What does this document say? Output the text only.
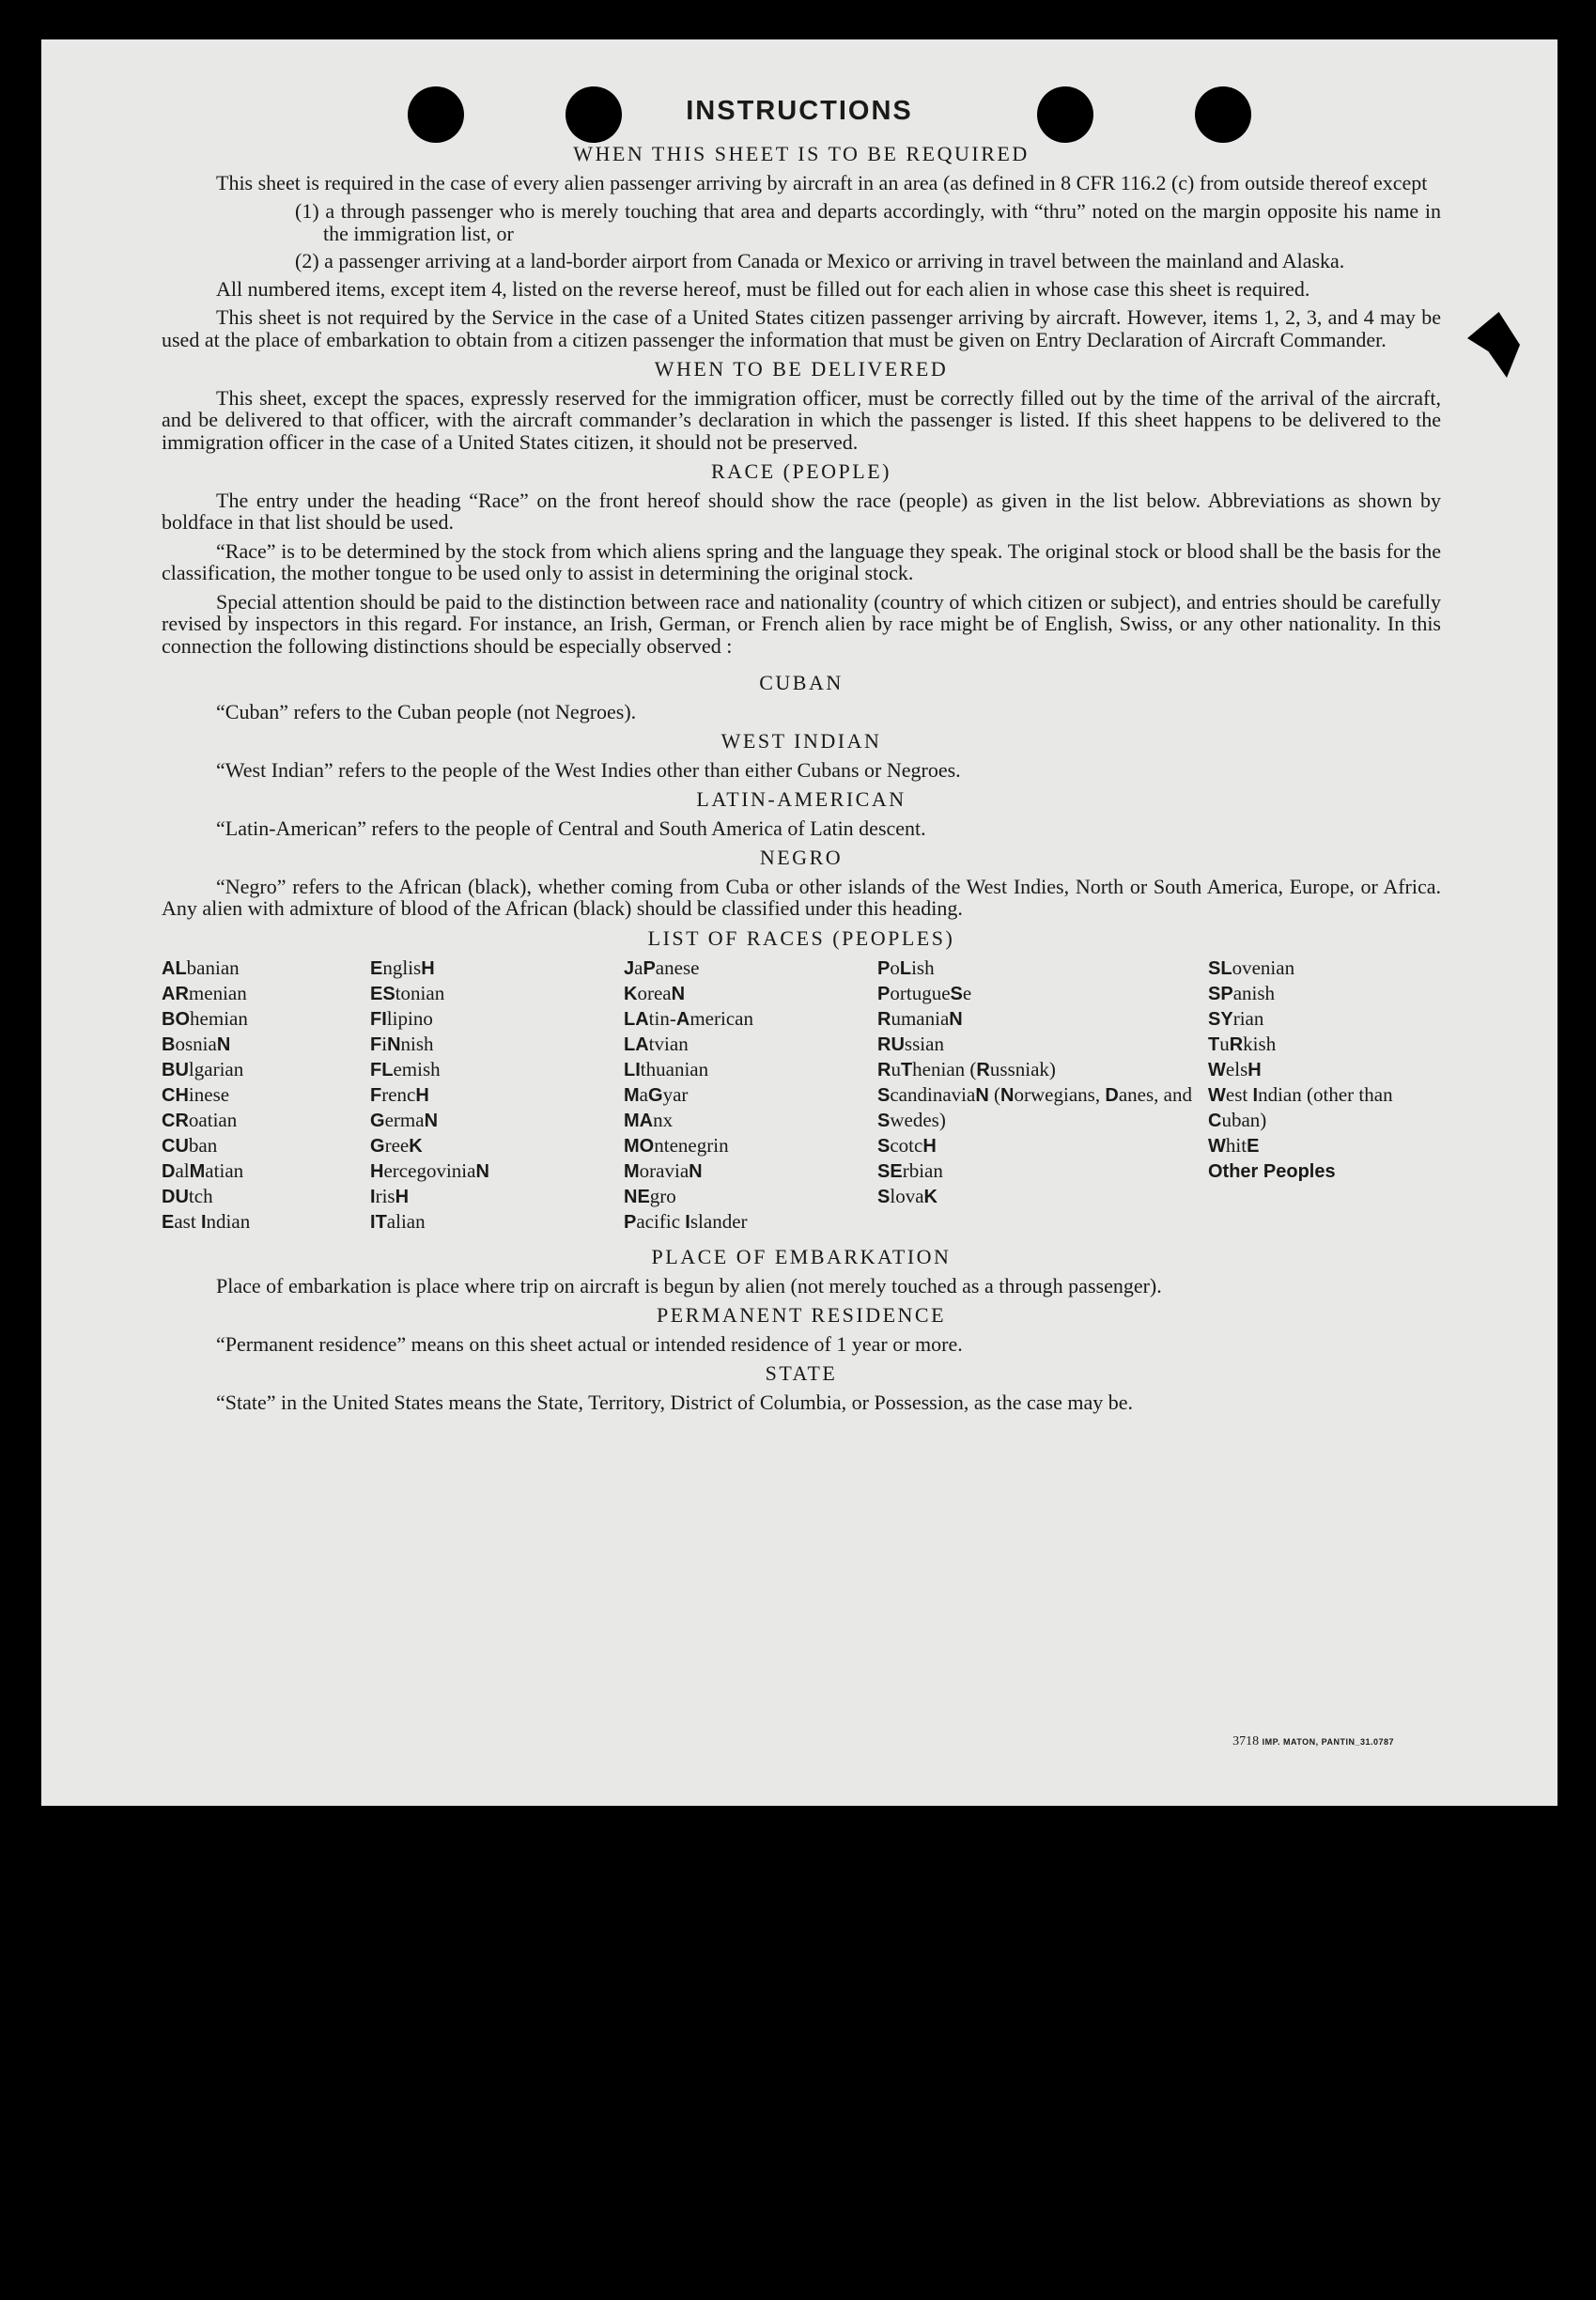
INSTRUCTIONS
WHEN THIS SHEET IS TO BE REQUIRED

This sheet is required in the case of every alien passenger arriving by aircraft in an area (as defined in 8 CFR 116.2 (c) from outside thereof except

(1) a through passenger who is merely touching that area and departs accordingly, with “thru” noted on the margin opposite his name in the immigration list, or
(2) a passenger arriving at a land-border airport from Canada or Mexico or arriving in travel between the mainland and Alaska.

All numbered items, except item 4, listed on the reverse hereof, must be filled out for each alien in whose case this sheet is required.

This sheet is not required by the Service in the case of a United States citizen passenger arriving by aircraft. However, items 1, 2, 3, and 4 may be used at the place of embarkation to obtain from a citizen passenger the information that must be given on Entry Declaration of Aircraft Commander.

WHEN TO BE DELIVERED

This sheet, except the spaces, expressly reserved for the immigration officer, must be correctly filled out by the time of the arrival of the aircraft, and be delivered to that officer, with the aircraft commander’s declaration in which the passenger is listed. If this sheet happens to be delivered to the immigration officer in the case of a United States citizen, it should not be preserved.

RACE (PEOPLE)

The entry under the heading “Race” on the front hereof should show the race (people) as given in the list below. Abbreviations as shown by boldface in that list should be used.

“Race” is to be determined by the stock from which aliens spring and the language they speak. The original stock or blood shall be the basis for the classification, the mother tongue to be used only to assist in determining the original stock.

Special attention should be paid to the distinction between race and nationality (country of which citizen or subject), and entries should be carefully revised by inspectors in this regard. For instance, an Irish, German, or French alien by race might be of English, Swiss, or any other nationality. In this connection the following distinctions should be especially observed :

CUBAN

“Cuban” refers to the Cuban people (not Negroes).

WEST INDIAN

“West Indian” refers to the people of the West Indies other than either Cubans or Negroes.

LATIN-AMERICAN

“Latin-American” refers to the people of Central and South America of Latin descent.

NEGRO

“Negro” refers to the African (black), whether coming from Cuba or other islands of the West Indies, North or South America, Europe, or Africa. Any alien with admixture of blood of the African (black) should be classified under this heading.

LIST OF RACES (PEOPLES)
ALbanian
ARmenian
BOhemian
BosniaN
BUlgarian
CHinese
CRoatian
CUban
DalMatian
DUtch
East Indian
EnglisH
EStonian
FIlipino
FiNnish
FLemish
FrencH
GermaN
GreeK
HercegoviniaN
IrisH
ITalian
JaPanese
KoreaN
LAtin-American
LAtvian
LIthuanian
MaGyar
MAnx
MOntenegrin
MoraviaN
NEgro
Pacific Islander
PoLish
PortugueSe
RumaniaN
RUssian
RuThenian (Russniak)
ScandinaviaN (Norwegians, Danes, and Swedes)
ScotcH
SErbian
SlovaK
SLovenian
SPanish
SYrian
TuRkish
WelsH
West Indian (other than Cuban)
WhitE
Other Peoples
PLACE OF EMBARKATION

Place of embarkation is place where trip on aircraft is begun by alien (not merely touched as a through passenger).

PERMANENT RESIDENCE

“Permanent residence” means on this sheet actual or intended residence of 1 year or more.

STATE

“State” in the United States means the State, Territory, District of Columbia, or Possession, as the case may be.

3718 IMP. MATON, PANTIN_31.0787
